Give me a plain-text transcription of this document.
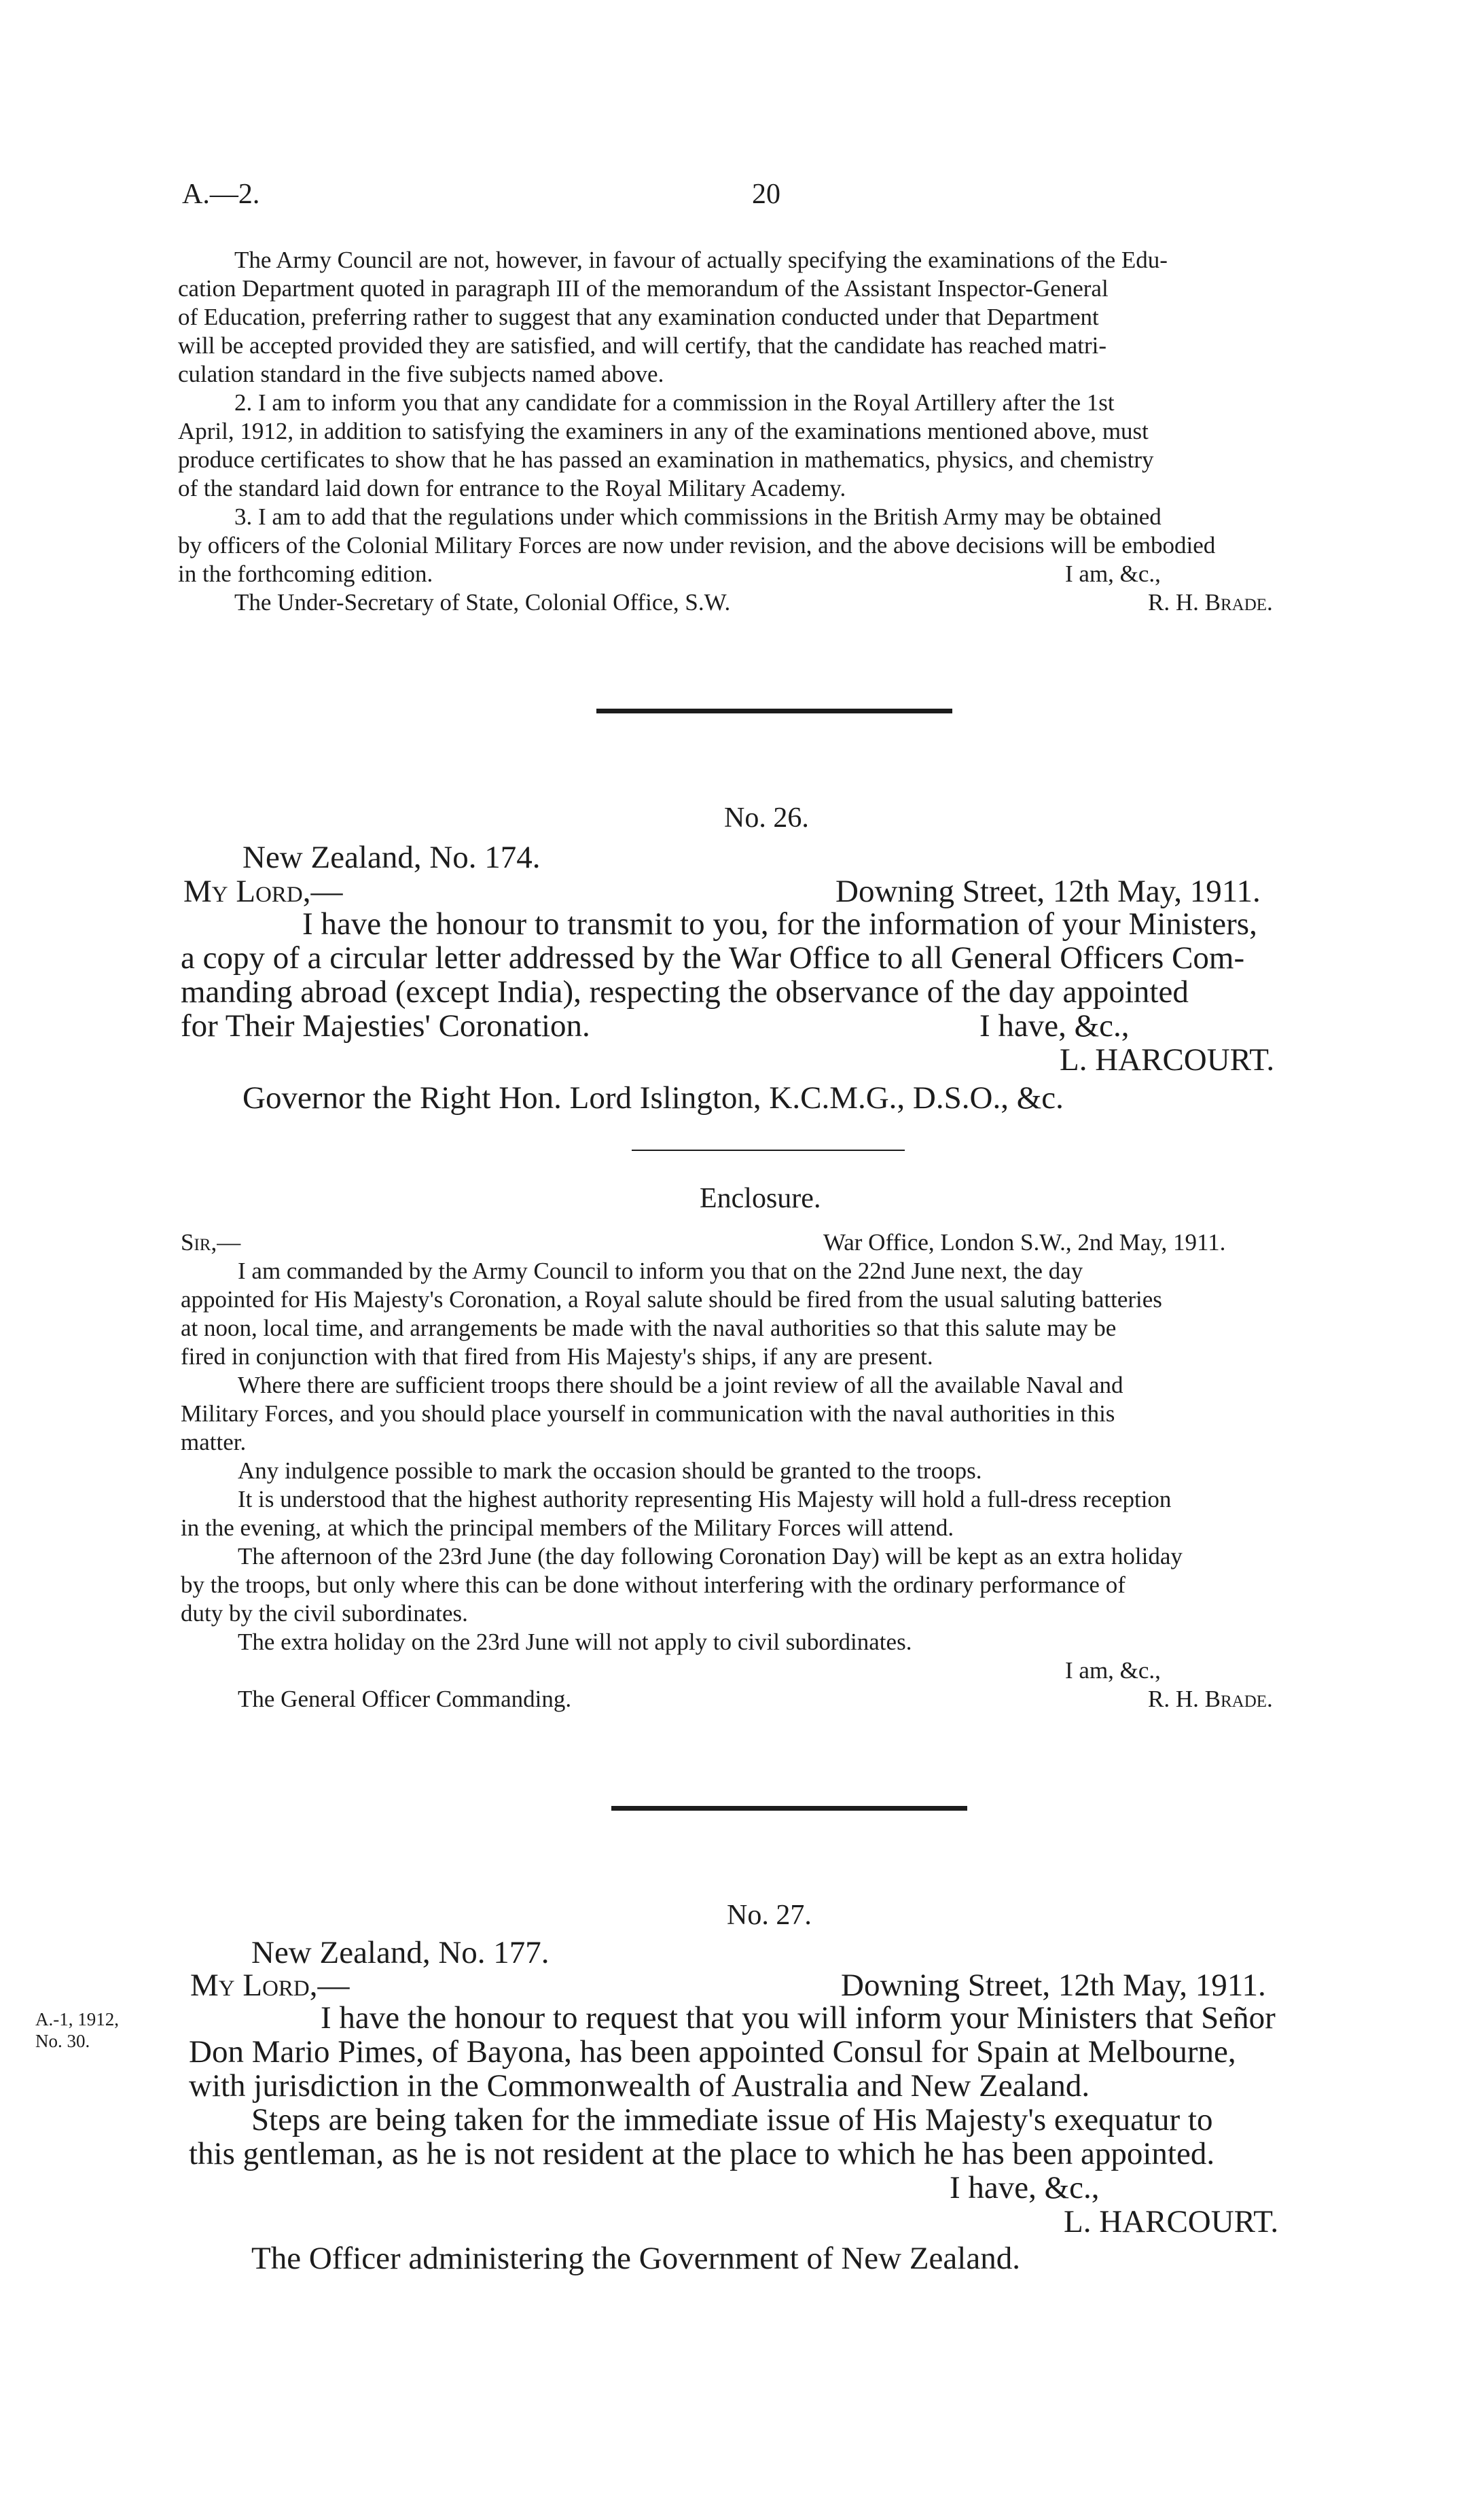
A.—2.	20
The Army Council are not, however, in favour of actually specifying the examinations of the Edu-
cation Department quoted in paragraph III of the memorandum of the Assistant Inspector-General
of Education, preferring rather to suggest that any examination conducted under that Department
will be accepted provided they are satisfied, and will certify, that the candidate has reached matri-
culation standard in the five subjects named above.
2. I am to inform you that any candidate for a commission in the Royal Artillery after the 1st
April, 1912, in addition to satisfying the examiners in any of the examinations mentioned above, must
produce certificates to show that he has passed an examination in mathematics, physics, and chemistry
of the standard laid down for entrance to the Royal Military Academy.
3. I am to add that the regulations under which commissions in the British Army may be obtained
by officers of the Colonial Military Forces are now under revision, and the above decisions will be embodied
in the forthcoming edition.	I am, &c.,
The Under-Secretary of State, Colonial Office, S.W.	R. H. Brade.
No. 26.
New Zealand, No. 174.
My Lord,—	Downing Street, 12th May, 1911.
I have the honour to transmit to you, for the information of your Ministers,
a copy of a circular letter addressed by the War Office to all General Officers Com-
manding abroad (except India), respecting the observance of the day appointed
for Their Majesties' Coronation.	I have, &c.,
L. HARCOURT.
Governor the Right Hon. Lord Islington, K.C.M.G., D.S.O., &c.
Enclosure.
Sir,—	War Office, London S.W., 2nd May, 1911.
I am commanded by the Army Council to inform you that on the 22nd June next, the day
appointed for His Majesty's Coronation, a Royal salute should be fired from the usual saluting batteries
at noon, local time, and arrangements be made with the naval authorities so that this salute may be
fired in conjunction with that fired from His Majesty's ships, if any are present.
Where there are sufficient troops there should be a joint review of all the available Naval and
Military Forces, and you should place yourself in communication with the naval authorities in this
matter.
Any indulgence possible to mark the occasion should be granted to the troops.
It is understood that the highest authority representing His Majesty will hold a full-dress reception
in the evening, at which the principal members of the Military Forces will attend.
The afternoon of the 23rd June (the day following Coronation Day) will be kept as an extra holiday
by the troops, but only where this can be done without interfering with the ordinary performance of
duty by the civil subordinates.
The extra holiday on the 23rd June will not apply to civil subordinates.
I am, &c.,
The General Officer Commanding.	R. H. Brade.
No. 27.
New Zealand, No. 177.
My Lord,—	Downing Street, 12th May, 1911.
A.-1, 1912,
No. 30.
I have the honour to request that you will inform your Ministers that Señor
Don Mario Pimes, of Bayona, has been appointed Consul for Spain at Melbourne,
with jurisdiction in the Commonwealth of Australia and New Zealand.
Steps are being taken for the immediate issue of His Majesty's exequatur to
this gentleman, as he is not resident at the place to which he has been appointed.
I have, &c.,
L. HARCOURT.
The Officer administering the Government of New Zealand.
